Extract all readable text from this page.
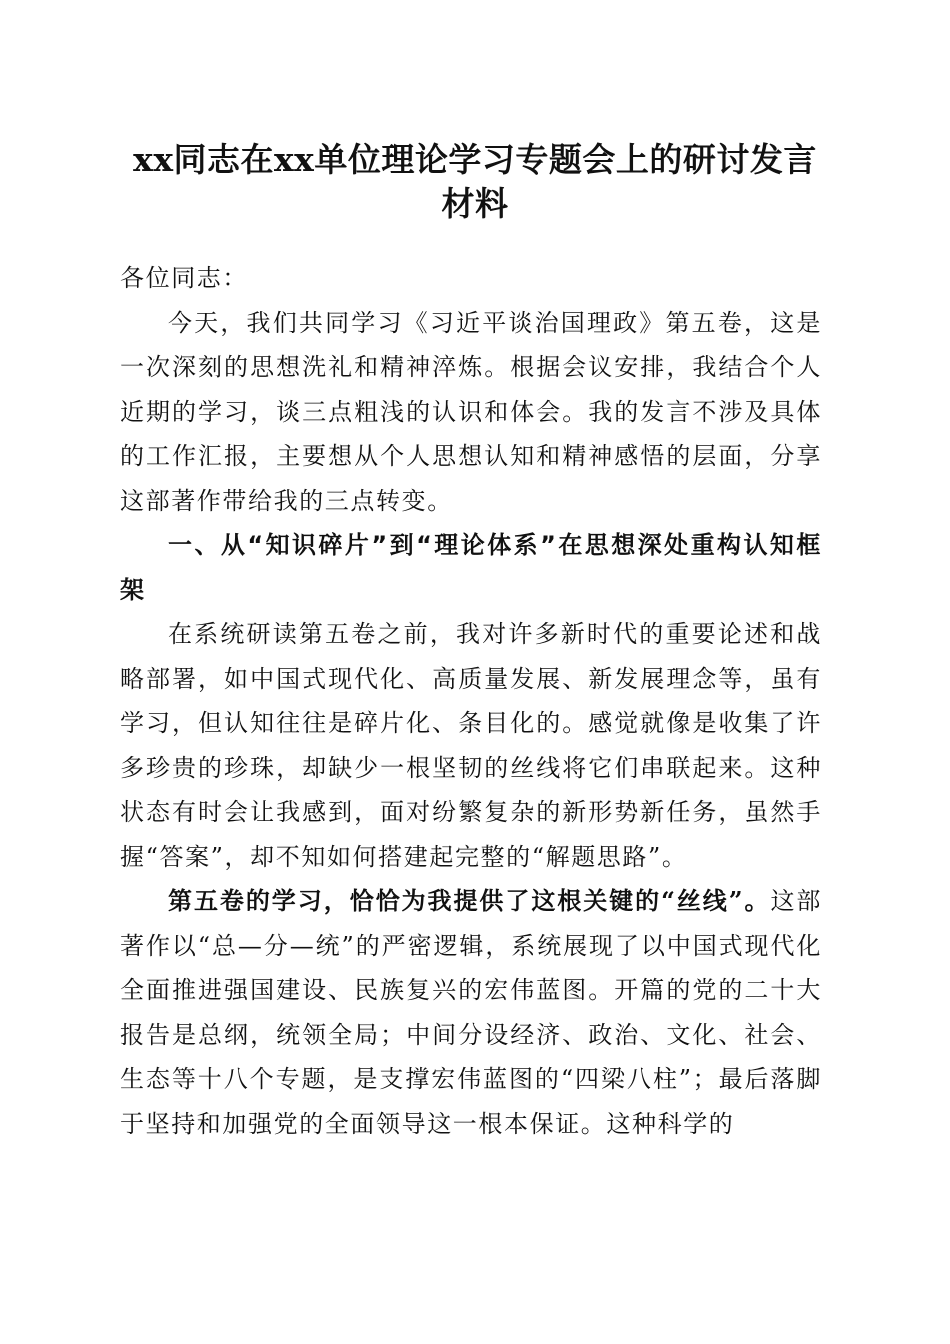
xx同志在xx单位理论学习专题会上的研讨发言材料

各位同志：

今天，我们共同学习《习近平谈治国理政》第五卷，这是一次深刻的思想洗礼和精神淬炼。根据会议安排，我结合个人近期的学习，谈三点粗浅的认识和体会。我的发言不涉及具体的工作汇报，主要想从个人思想认知和精神感悟的层面，分享这部著作带给我的三点转变。

一、从“知识碎片”到“理论体系”在思想深处重构认知框架

在系统研读第五卷之前，我对许多新时代的重要论述和战略部署，如中国式现代化、高质量发展、新发展理念等，虽有学习，但认知往往是碎片化、条目化的。感觉就像是收集了许多珍贵的珍珠，却缺少一根坚韧的丝线将它们串联起来。这种状态有时会让我感到，面对纷繁复杂的新形势新任务，虽然手握“答案”，却不知如何搭建起完整的“解题思路”。

第五卷的学习，恰恰为我提供了这根关键的“丝线”。这部著作以“总—分—统”的严密逻辑，系统展现了以中国式现代化全面推进强国建设、民族复兴的宏伟蓝图。开篇的党的二十大报告是总纲，统领全局；中间分设经济、政治、文化、社会、生态等十八个专题，是支撑宏伟蓝图的“四梁八柱”；最后落脚于坚持和加强党的全面领导这一根本保证。这种科学的
